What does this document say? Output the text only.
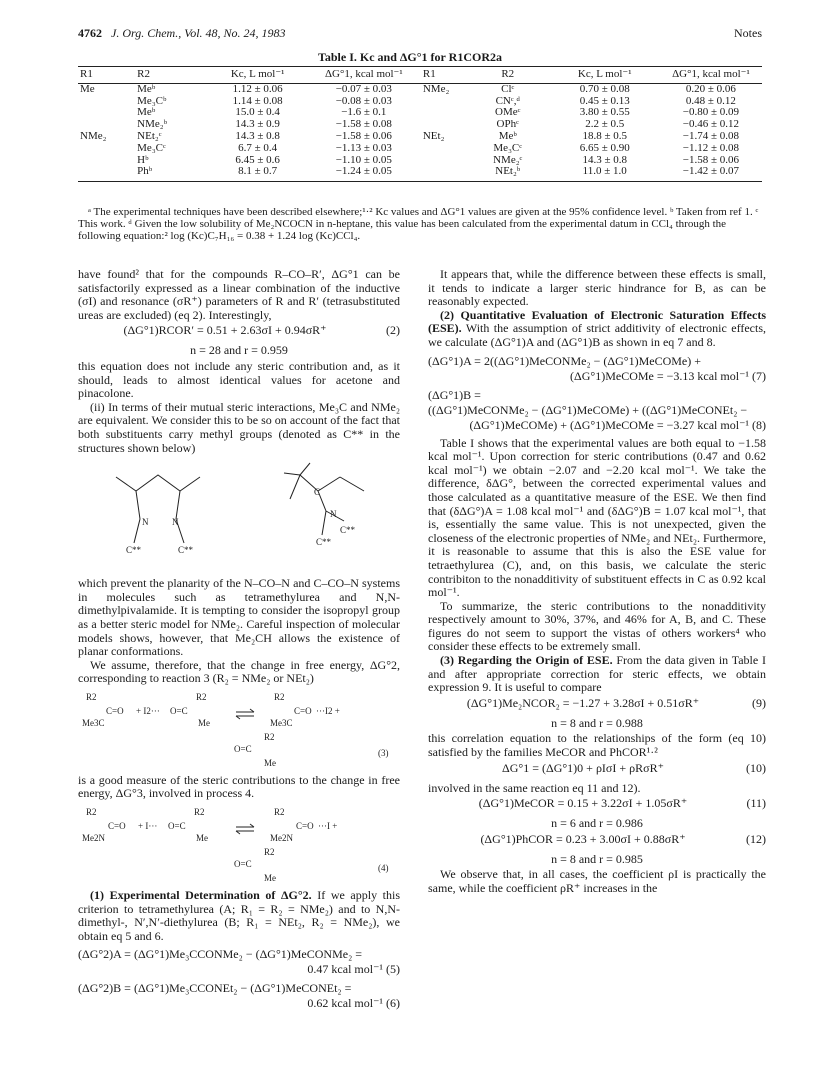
4762 J. Org. Chem., Vol. 48, No. 24, 1983	Notes
Table I. Kc and ΔG°1 for R1COR2a
R1	R2	Kc, L mol⁻¹	ΔG°1, kcal mol⁻¹	R1	R2	Kc, L mol⁻¹	ΔG°1, kcal mol⁻¹
Me	Meᵇ	1.12 ± 0.06	−0.07 ± 0.03	NMe₂	Clᶜ	0.70 ± 0.08	0.20 ± 0.06
	Me₃Cᵇ	1.14 ± 0.08	−0.08 ± 0.03		CNᶜ,ᵈ	0.45 ± 0.13	0.48 ± 0.12
	Meᵇ	15.0 ± 0.4	−1.6 ± 0.1		OMeᶜ	3.80 ± 0.55	−0.80 ± 0.09
	NMe₂ᵇ	14.3 ± 0.9	−1.58 ± 0.08		OPhᶜ	2.2 ± 0.5	−0.46 ± 0.12
NMe₂	NEt₂ᶜ	14.3 ± 0.8	−1.58 ± 0.06	NEt₂	Meᵇ	18.8 ± 0.5	−1.74 ± 0.08
	Me₃Cᶜ	6.7 ± 0.4	−1.13 ± 0.03		Me₃Cᶜ	6.65 ± 0.90	−1.12 ± 0.08
	Hᵇ	6.45 ± 0.6	−1.10 ± 0.05		NMe₂ᶜ	14.3 ± 0.8	−1.58 ± 0.06
	Phᵇ	8.1 ± 0.7	−1.24 ± 0.05		NEt₂ᵇ	11.0 ± 1.0	−1.42 ± 0.07
ᵃ The experimental techniques have been described elsewhere;¹·² Kc values and ΔG°1 values are given at the 95% confidence level. ᵇ Taken from ref 1. ᶜ This work. ᵈ Given the low solubility of Me₂NCOCN in n-heptane, this value has been calculated from the experimental datum in CCl₄ through the following equation:² log (Kc)C₇H₁₆ = 0.38 + 1.24 log (Kc)CCl₄.

have found² that for the compounds R–CO–R′, ΔG°1 can be satisfactorily expressed as a linear combination of the inductive (σI) and resonance (σR⁺) parameters of R and R′ (tetrasubstituted ureas are excluded) (eq 2). Interestingly,

(ΔG°1)RCOR′ = 0.51 + 2.63σI + 0.94σR⁺	(2)
n = 28 and r = 0.959

this equation does not include any steric contribution and, as it should, leads to almost identical values for acetone and pinacolone.

(ii) In terms of their mutual steric interactions, Me₃C and NMe₂ are equivalent. We consider this to be so on account of the fact that both substituents carry methyl groups (denoted as C** in the structures shown below)

N	N
C
N
C**	C**
C**
C**

which prevent the planarity of the N–CO–N and C–CO–N systems in molecules such as tetramethylurea and N,N-dimethylpivalamide. It is tempting to consider the isopropyl group as a better steric model for NMe₂. Careful inspection of molecular models shows, however, that Me₂CH allows the existence of planar conformations.

We assume, therefore, that the change in free energy, ΔG°2, corresponding to reaction 3 (R₂ = NMe₂ or NEt₂)

R2
Me3C
C=O + I2··· O=C
R2
Me
R2
Me3C
C=O ···I2 +
O=C
R2
Me
(3)

is a good measure of the steric contributions to the change in free energy, ΔG°3, involved in process 4.

R2
Me2N
C=O + I··· O=C
R2
Me
R2
Me2N
C=O ···I +
O=C
R2
Me
(4)

(1) Experimental Determination of ΔG°2. If we apply this criterion to tetramethylurea (A; R₁ = R₂ = NMe₂) and to N,N-dimethyl-, N′,N′-diethylurea (B; R₁ = NEt₂, R₂ = NMe₂), we obtain eq 5 and 6.

(ΔG°2)A = (ΔG°1)Me₃CCONMe₂ − (ΔG°1)MeCONMe₂ =
0.47 kcal mol⁻¹ (5)
(ΔG°2)B = (ΔG°1)Me₃CCONEt₂ − (ΔG°1)MeCONEt₂ =
0.62 kcal mol⁻¹ (6)

It appears that, while the difference between these effects is small, it tends to indicate a larger steric hindrance for B, as can be reasonably expected.

(2) Quantitative Evaluation of Electronic Saturation Effects (ESE). With the assumption of strict additivity of electronic effects, we calculate (ΔG°1)A and (ΔG°1)B as shown in eq 7 and 8.

(ΔG°1)A = 2((ΔG°1)MeCONMe₂ − (ΔG°1)MeCOMe) +
(ΔG°1)MeCOMe = −3.13 kcal mol⁻¹ (7)
(ΔG°1)B =
((ΔG°1)MeCONMe₂ − (ΔG°1)MeCOMe) + ((ΔG°1)MeCONEt₂ −
(ΔG°1)MeCOMe) + (ΔG°1)MeCOMe = −3.27 kcal mol⁻¹ (8)

Table I shows that the experimental values are both equal to −1.58 kcal mol⁻¹. Upon correction for steric contributions (0.47 and 0.62 kcal mol⁻¹) we obtain −2.07 and −2.20 kcal mol⁻¹. We take the difference, δΔG°, between the corrected experimental values and those calculated as a quantitative measure of the ESE. We then find that (δΔG°)A = 1.08 kcal mol⁻¹ and (δΔG°)B = 1.07 kcal mol⁻¹, that is, essentially the same value. This is not unexpected, given the closeness of the electronic properties of NMe₂ and NEt₂. Furthermore, it is reasonable to assume that this is also the ESE value for tetraethylurea (C), and, on this basis, we calculate the steric contribiton to the nonadditivity of substituent effects in C as 0.92 kcal mol⁻¹.

To summarize, the steric contributions to the nonadditivity respectively amount to 30%, 37%, and 46% for A, B, and C. These figures do not seem to support the vistas of others workers⁴ who consider these effects to be extremely small.

(3) Regarding the Origin of ESE. From the data given in Table I and after appropriate correction for steric effects, we obtain expression 9. It is useful to compare

(ΔG°1)Me₂NCOR₂ = −1.27 + 3.28σI + 0.51σR⁺	(9)
n = 8 and r = 0.988

this correlation equation to the relationships of the form (eq 10) satisfied by the families MeCOR and PhCOR¹·²

ΔG°1 = (ΔG°1)0 + ρIσI + ρRσR⁺	(10)

involved in the same reaction eq 11 and 12).

(ΔG°1)MeCOR = 0.15 + 3.22σI + 1.05σR⁺	(11)
n = 6 and r = 0.986
(ΔG°1)PhCOR = 0.23 + 3.00σI + 0.88σR⁺	(12)
n = 8 and r = 0.985

We observe that, in all cases, the coefficient ρI is practically the same, while the coefficient ρR⁺ increases in the
